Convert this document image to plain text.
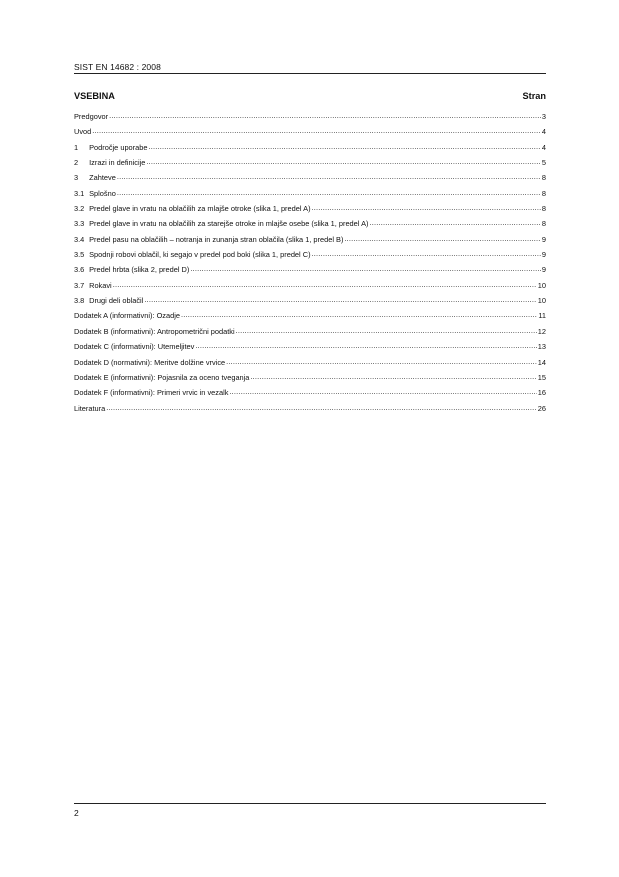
SIST EN 14682 : 2008
VSEBINA	Stran
Predgovor .....	3
Uvod .....	4
1 Področje uporabe .....	4
2 Izrazi in definicije .....	5
3 Zahteve .....	8
3.1 Splošno .....	8
3.2 Predel glave in vratu na oblačilih za mlajše otroke (slika 1, predel A) .....	8
3.3 Predel glave in vratu na oblačilih za starejše otroke in mlajše osebe (slika 1, predel A) .....	8
3.4 Predel pasu na oblačilih – notranja in zunanja stran oblačila (slika 1, predel B) .....	9
3.5 Spodnji robovi oblačil, ki segajo v predel pod boki (slika 1, predel C) .....	9
3.6 Predel hrbta (slika 2, predel D) .....	9
3.7 Rokavi .....	10
3.8 Drugi deli oblačil .....	10
Dodatek A (informativni): Ozadje .....	11
Dodatek B (informativni): Antropometrični podatki .....	12
Dodatek C (informativni): Utemeljitev .....	13
Dodatek D (normativni): Meritve dolžine vrvice .....	14
Dodatek E (informativni): Pojasnila za oceno tveganja .....	15
Dodatek F (informativni): Primeri vrvic in vezalk .....	16
Literatura .....	26
2
